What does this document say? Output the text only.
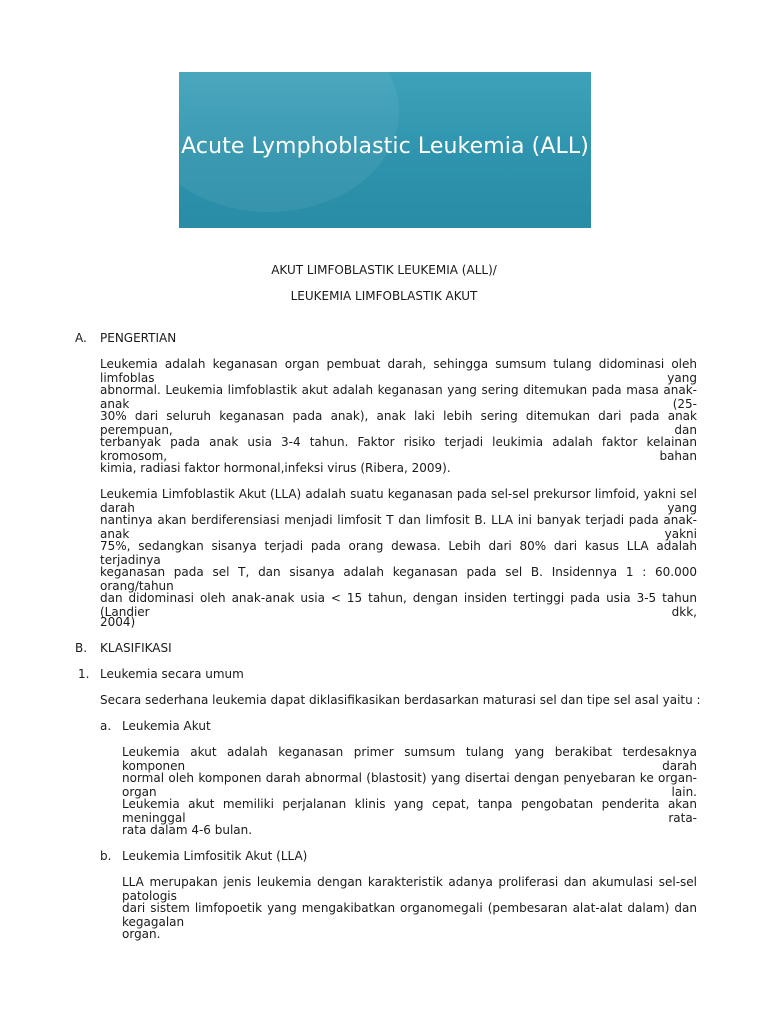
Acute Lymphoblastic Leukemia (ALL)
AKUT LIMFOBLASTIK LEUKEMIA (ALL)/
LEUKEMIA LIMFOBLASTIK AKUT
A. PENGERTIAN
Leukemia adalah keganasan organ pembuat darah, sehingga sumsum tulang didominasi oleh limfoblas yang
abnormal. Leukemia limfoblastik akut adalah keganasan yang sering ditemukan pada masa anak-anak (25-
30% dari seluruh keganasan pada anak), anak laki lebih sering ditemukan dari pada anak perempuan, dan
terbanyak pada anak usia 3-4 tahun. Faktor risiko terjadi leukimia adalah faktor kelainan kromosom, bahan
kimia, radiasi faktor hormonal,infeksi virus (Ribera, 2009).
Leukemia Limfoblastik Akut (LLA) adalah suatu keganasan pada sel-sel prekursor limfoid, yakni sel darah yang
nantinya akan berdiferensiasi menjadi limfosit T dan limfosit B. LLA ini banyak terjadi pada anak-anak yakni
75%, sedangkan sisanya terjadi pada orang dewasa. Lebih dari 80% dari kasus LLA adalah terjadinya
keganasan pada sel T, dan sisanya adalah keganasan pada sel B. Insidennya 1 : 60.000 orang/tahun
dan didominasi oleh anak-anak usia < 15 tahun, dengan insiden tertinggi pada usia 3-5 tahun (Landier dkk,
2004)
B. KLASIFIKASI
1. Leukemia secara umum
Secara sederhana leukemia dapat diklasifikasikan berdasarkan maturasi sel dan tipe sel asal yaitu :
a. Leukemia Akut
Leukemia akut adalah keganasan primer sumsum tulang yang berakibat terdesaknya komponen darah
normal oleh komponen darah abnormal (blastosit) yang disertai dengan penyebaran ke organ-organ lain.
Leukemia akut memiliki perjalanan klinis yang cepat, tanpa pengobatan penderita akan meninggal rata-
rata dalam 4-6 bulan.
b. Leukemia Limfositik Akut (LLA)
LLA merupakan jenis leukemia dengan karakteristik adanya proliferasi dan akumulasi sel-sel patologis
dari sistem limfopoetik yang mengakibatkan organomegali (pembesaran alat-alat dalam) dan kegagalan
organ.
